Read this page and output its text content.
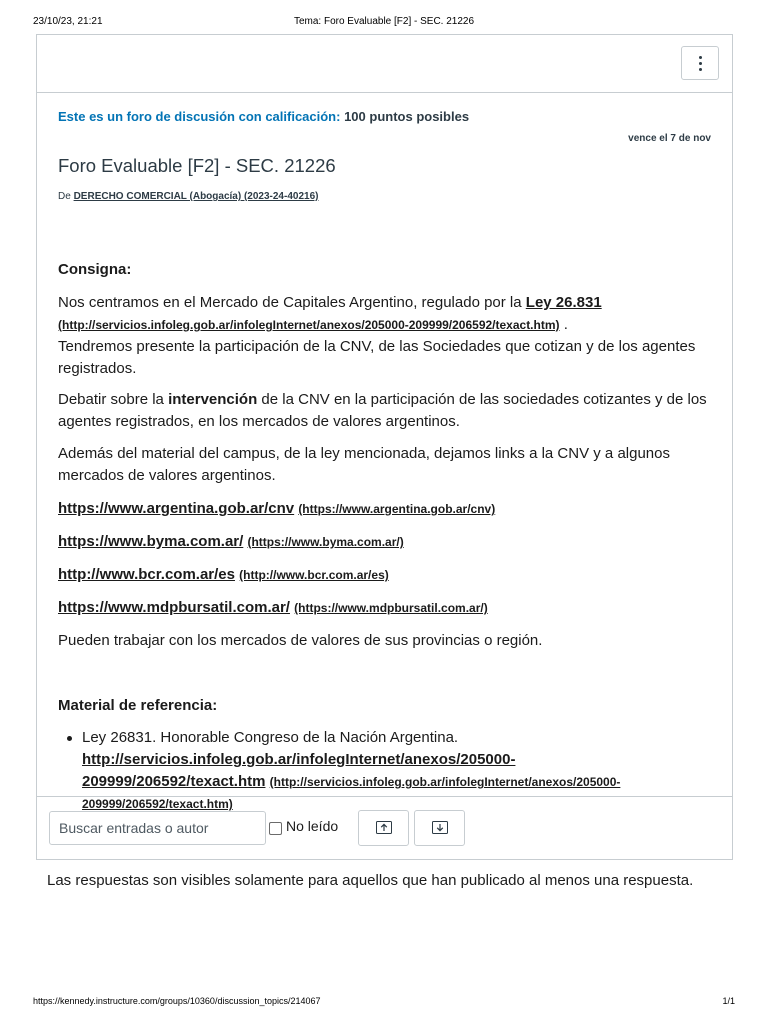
23/10/23, 21:21	Tema: Foro Evaluable [F2] - SEC. 21226
Este es un foro de discusión con calificación: 100 puntos posibles
vence el 7 de nov
Foro Evaluable [F2] - SEC. 21226
De DERECHO COMERCIAL (Abogacía) (2023-24-40216)
Consigna:
Nos centramos en el Mercado de Capitales Argentino, regulado por la Ley 26.831
(http://servicios.infoleg.gob.ar/infolegInternet/anexos/205000-209999/206592/texact.htm) .
Tendremos presente la participación de la CNV, de las Sociedades que cotizan y de los agentes registrados.
Debatir sobre la intervención de la CNV en la participación de las sociedades cotizantes y de los agentes registrados, en los mercados de valores argentinos.
Además del material del campus, de la ley mencionada, dejamos links a la CNV y a algunos mercados de valores argentinos.
https://www.argentina.gob.ar/cnv (https://www.argentina.gob.ar/cnv)
https://www.byma.com.ar/ (https://www.byma.com.ar/)
http://www.bcr.com.ar/es (http://www.bcr.com.ar/es)
https://www.mdpbursatil.com.ar/ (https://www.mdpbursatil.com.ar/)
Pueden trabajar con los mercados de valores de sus provincias o región.
Material de referencia:
Ley 26831. Honorable Congreso de la Nación Argentina.
http://servicios.infoleg.gob.ar/infolegInternet/anexos/205000-
209999/206592/texact.htm (http://servicios.infoleg.gob.ar/infolegInternet/anexos/205000-
209999/206592/texact.htm)
Buscar entradas o autor
No leído
Las respuestas son visibles solamente para aquellos que han publicado al menos una respuesta.
https://kennedy.instructure.com/groups/10360/discussion_topics/214067	1/1
